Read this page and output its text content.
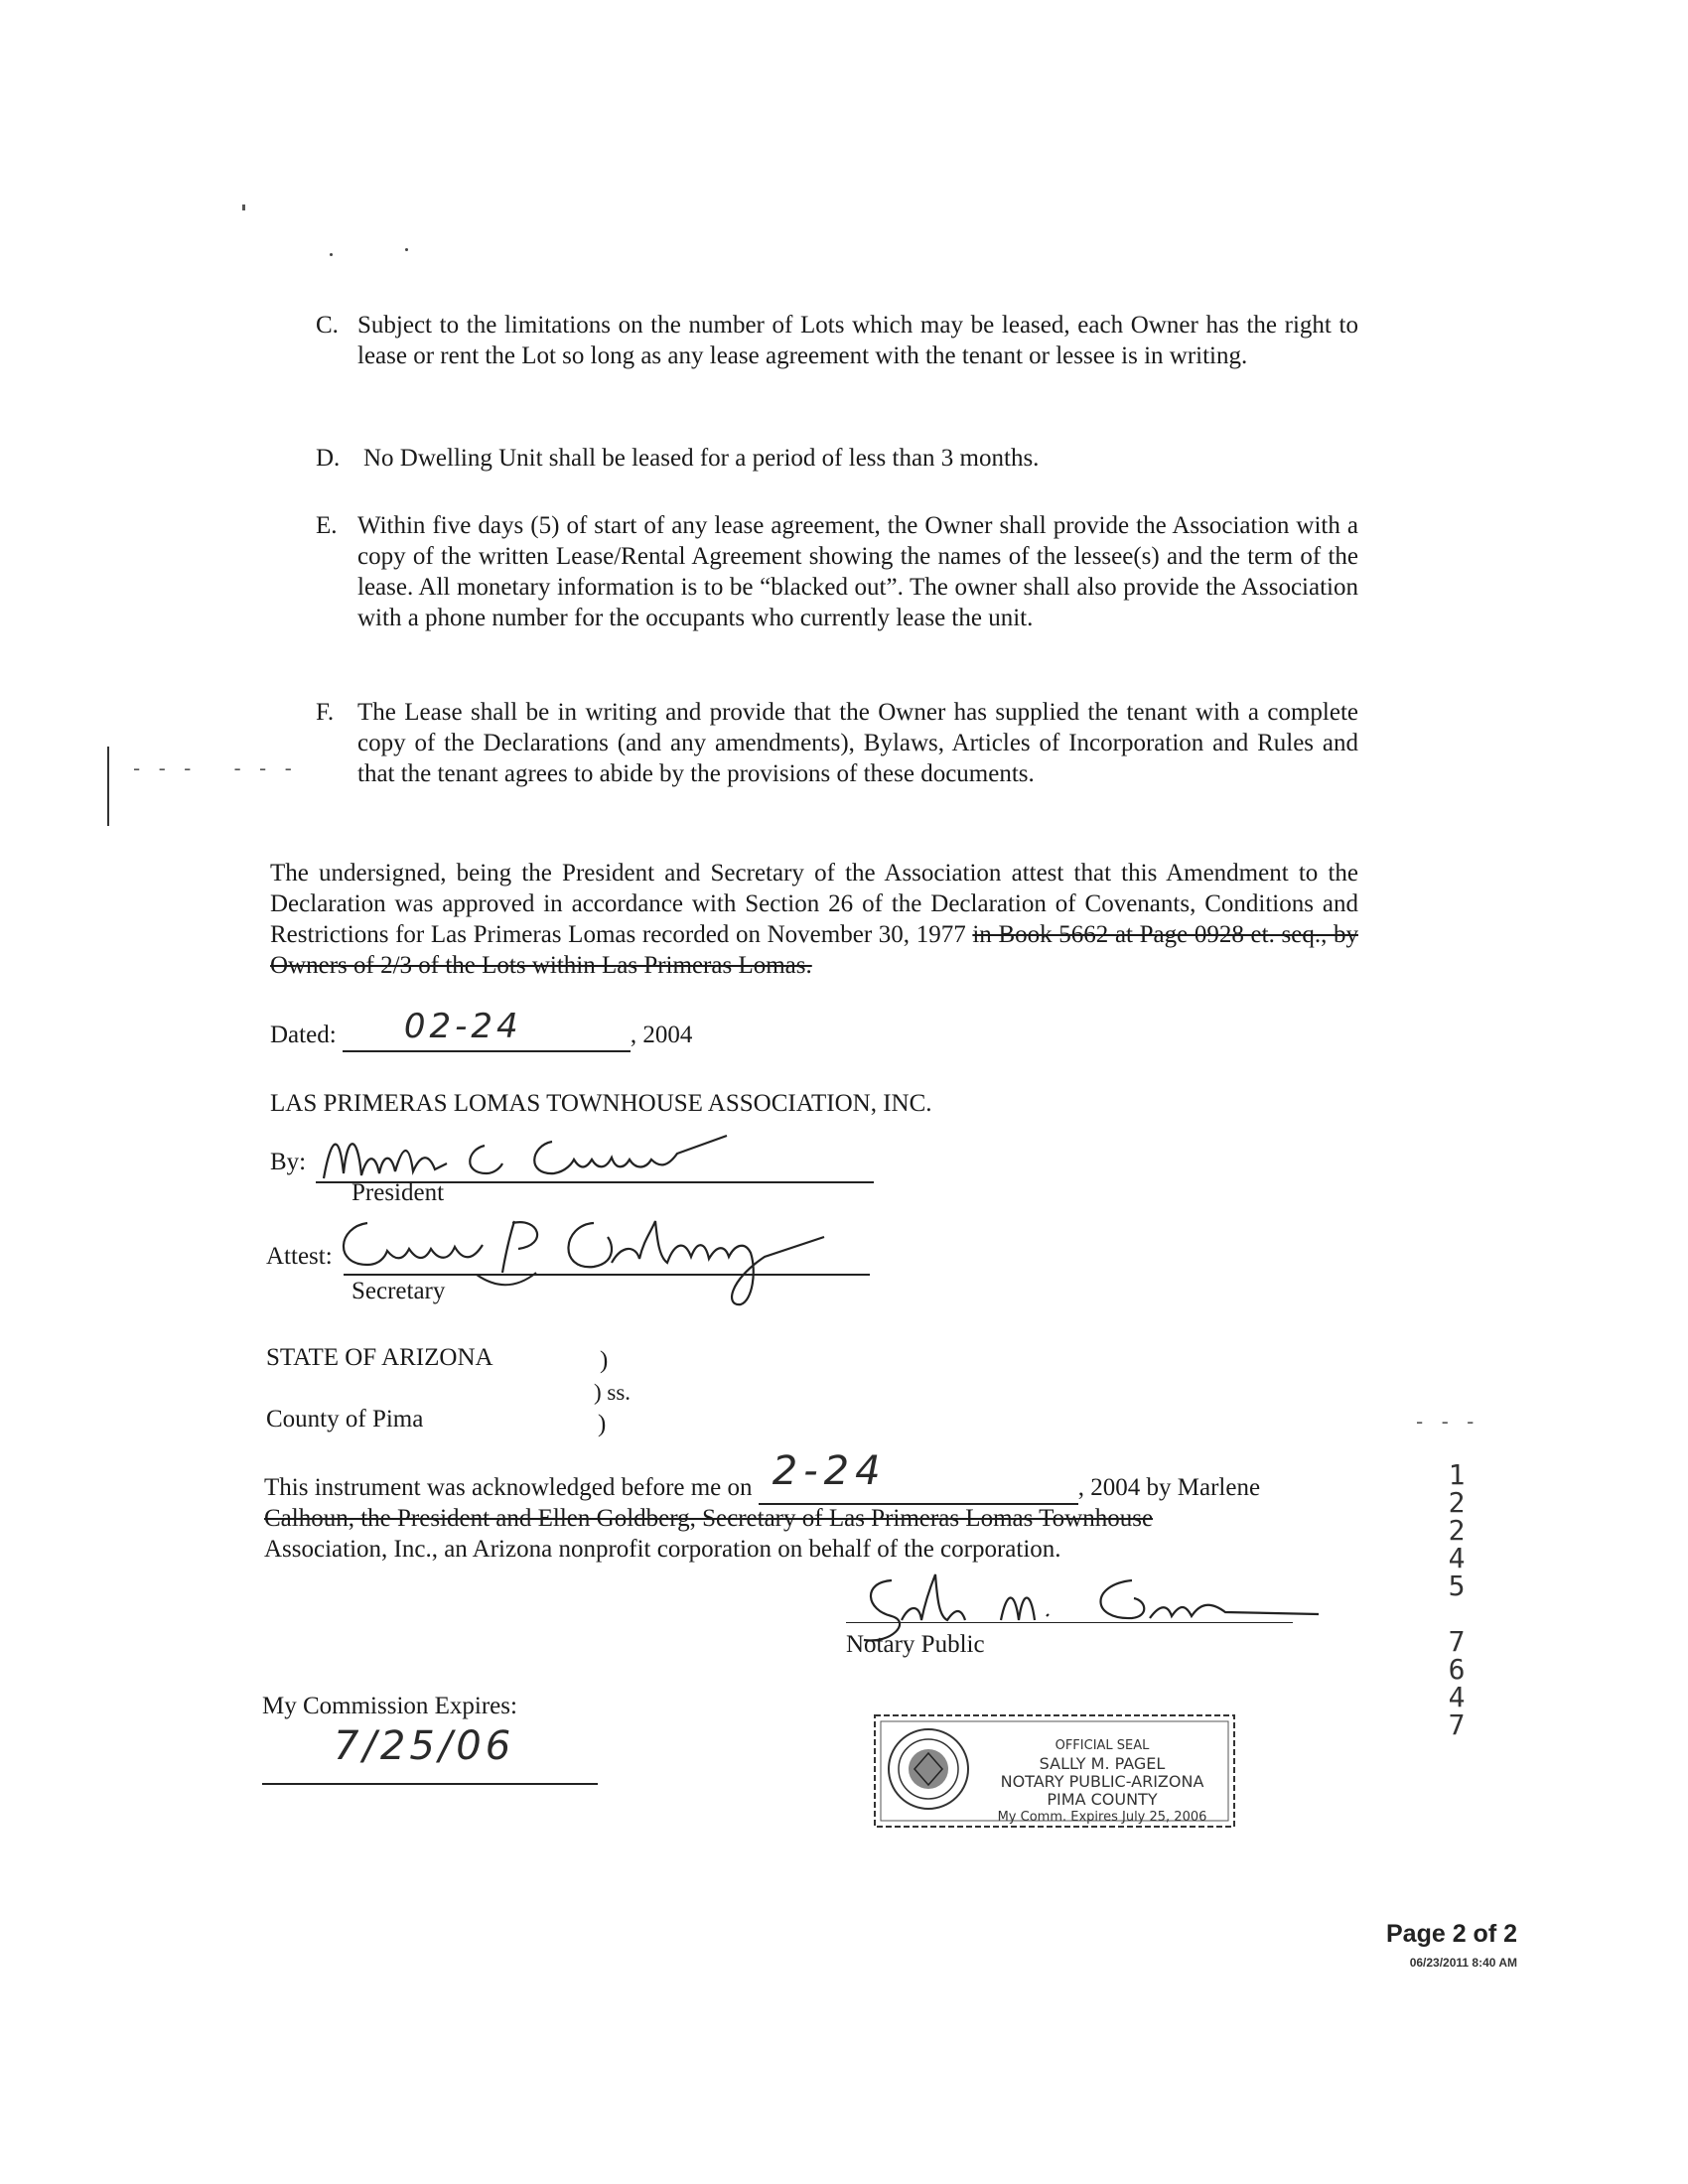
C. Subject to the limitations on the number of Lots which may be leased, each Owner has the right to lease or rent the Lot so long as any lease agreement with the tenant or lessee is in writing.
D. No Dwelling Unit shall be leased for a period of less than 3 months.
E. Within five days (5) of start of any lease agreement, the Owner shall provide the Association with a copy of the written Lease/Rental Agreement showing the names of the lessee(s) and the term of the lease. All monetary information is to be “blacked out”. The owner shall also provide the Association with a phone number for the occupants who currently lease the unit.
F. The Lease shall be in writing and provide that the Owner has supplied the tenant with a complete copy of the Declarations (and any amendments), Bylaws, Articles of Incorporation and Rules and that the tenant agrees to abide by the provisions of these documents.
- - -   - - -
- - -
The undersigned, being the President and Secretary of the Association attest that this Amendment to the Declaration was approved in accordance with Section 26 of the Declaration of Covenants, Conditions and Restrictions for Las Primeras Lomas recorded on November 30, 1977 in Book 5662 at Page 0928 et. seq., by Owners of 2/3 of the Lots within Las Primeras Lomas.
Dated: 02-24	, 2004
LAS PRIMERAS LOMAS TOWNHOUSE ASSOCIATION, INC.
By:
President
Attest:
Secretary
STATE OF ARIZONA	)
) ss.
County of Pima	)
This instrument was acknowledged before me on 2-24	, 2004 by Marlene
Calhoun, the President and Ellen Goldberg, Secretary of Las Primeras Lomas Townhouse
Association, Inc., an Arizona nonprofit corporation on behalf of the corporation.
Notary Public
My Commission Expires:
7/25/06	OFFICIAL SEAL
SALLY M. PAGEL
NOTARY PUBLIC-ARIZONA
PIMA COUNTY
My Comm. Expires July 25, 2006
1
2
2
4
5
7
6
4
7
Page 2 of 2
06/23/2011 8:40 AM
